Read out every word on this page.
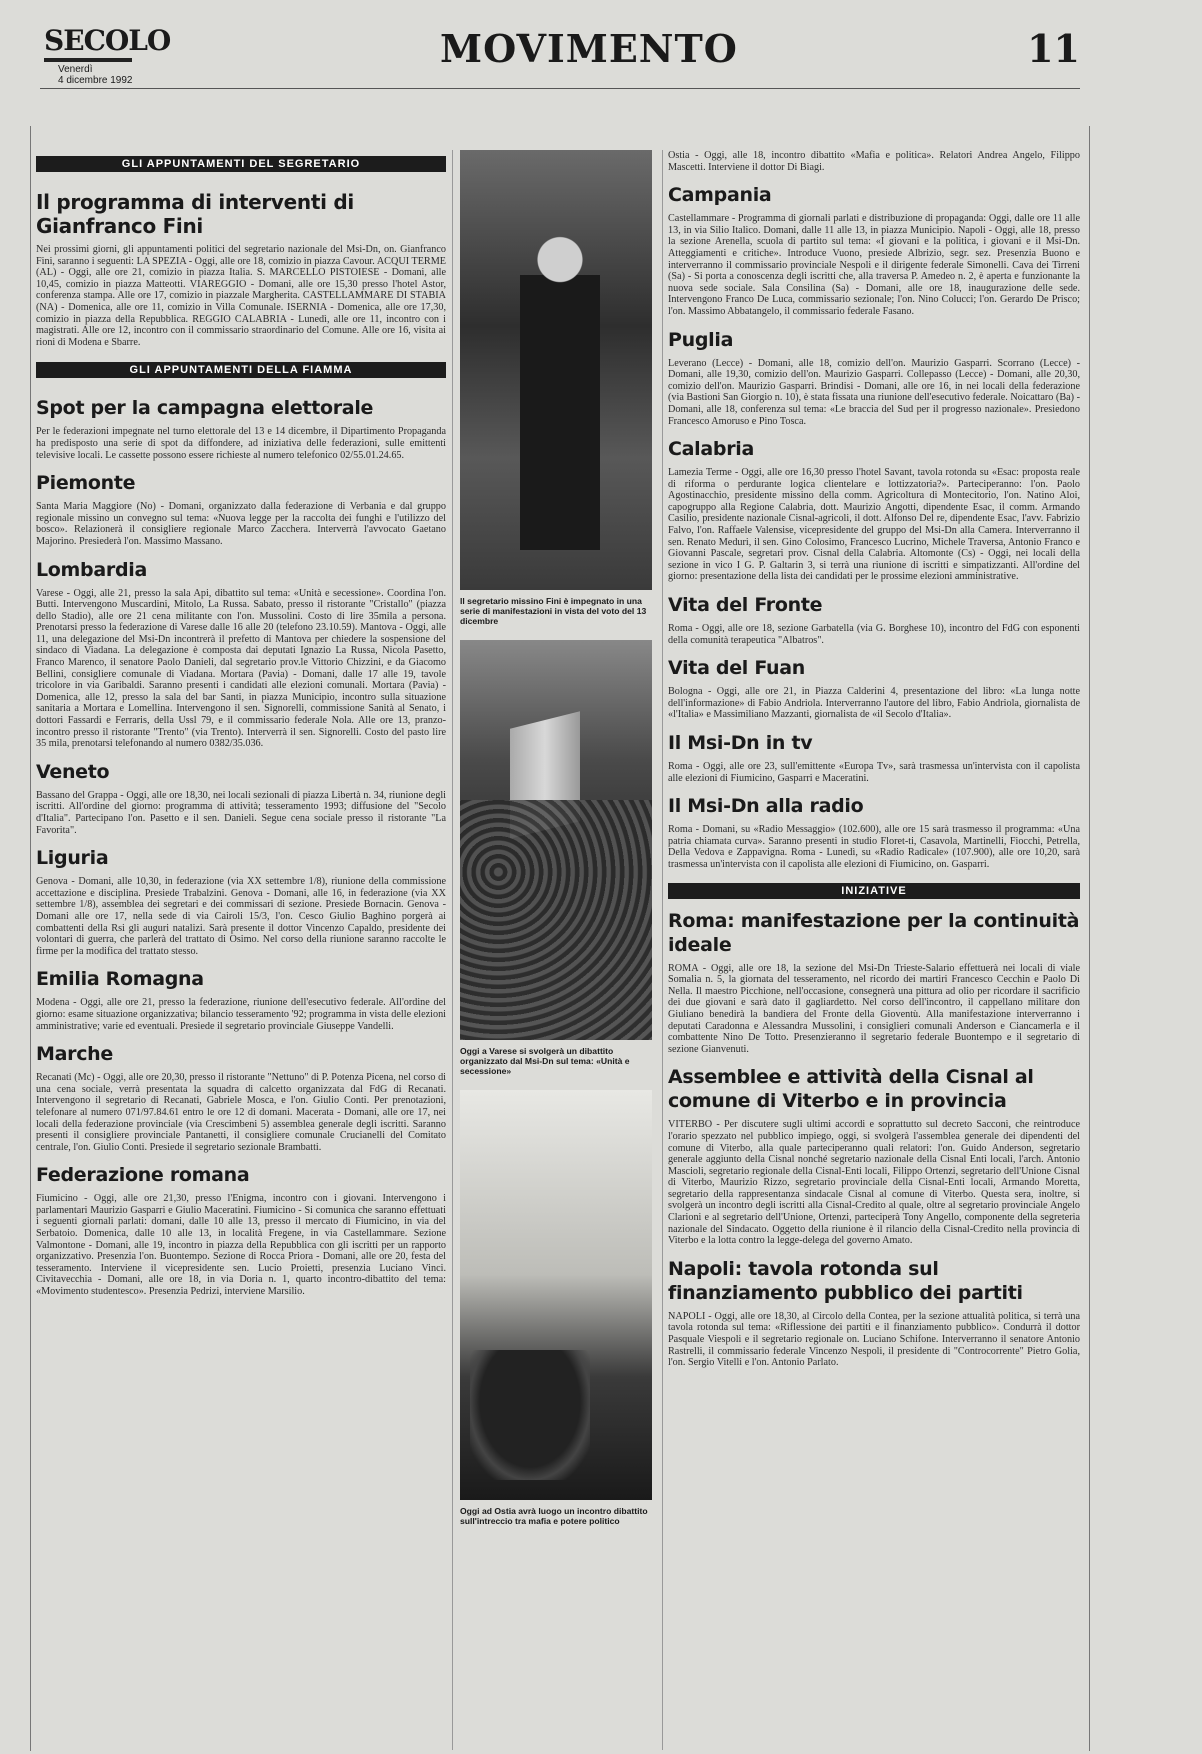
SECOLO
Venerdì
4 dicembre 1992
MOVIMENTO	11
GLI APPUNTAMENTI DEL SEGRETARIO
Il programma di interventi di Gianfranco Fini

Nei prossimi giorni, gli appuntamenti politici del segretario nazionale del Msi-Dn, on. Gianfranco Fini, saranno i seguenti: LA SPEZIA - Oggi, alle ore 18, comizio in piazza Cavour. ACQUI TERME (AL) - Oggi, alle ore 21, comizio in piazza Italia. S. MARCELLO PISTOIESE - Domani, alle 10,45, comizio in piazza Matteotti. VIAREGGIO - Domani, alle ore 15,30 presso l'hotel Astor, conferenza stampa. Alle ore 17, comizio in piazzale Margherita. CASTELLAMMARE DI STABIA (NA) - Domenica, alle ore 11, comizio in Villa Comunale. ISERNIA - Domenica, alle ore 17,30, comizio in piazza della Repubblica. REGGIO CALABRIA - Lunedì, alle ore 11, incontro con i magistrati. Alle ore 12, incontro con il commissario straordinario del Comune. Alle ore 16, visita ai rioni di Modena e Sbarre.

GLI APPUNTAMENTI DELLA FIAMMA
Spot per la campagna elettorale

Per le federazioni impegnate nel turno elettorale del 13 e 14 dicembre, il Dipartimento Propaganda ha predisposto una serie di spot da diffondere, ad iniziativa delle federazioni, sulle emittenti televisive locali. Le cassette possono essere richieste al numero telefonico 02/55.01.24.65.

Piemonte

Santa Maria Maggiore (No) - Domani, organizzato dalla federazione di Verbania e dal gruppo regionale missino un convegno sul tema: «Nuova legge per la raccolta dei funghi e l'utilizzo del bosco». Relazionerà il consigliere regionale Marco Zacchera. Interverrà l'avvocato Gaetano Majorino. Presiederà l'on. Massimo Massano.

Lombardia

Varese - Oggi, alle 21, presso la sala Api, dibattito sul tema: «Unità e secessione». Coordina l'on. Butti. Intervengono Muscardini, Mitolo, La Russa. Sabato, presso il ristorante "Cristallo" (piazza dello Stadio), alle ore 21 cena militante con l'on. Mussolini. Costo di lire 35mila a persona. Prenotarsi presso la federazione di Varese dalle 16 alle 20 (telefono 23.10.59). Mantova - Oggi, alle 11, una delegazione del Msi-Dn incontrerà il prefetto di Mantova per chiedere la sospensione del sindaco di Viadana. La delegazione è composta dai deputati Ignazio La Russa, Nicola Pasetto, Franco Marenco, il senatore Paolo Danieli, dal segretario prov.le Vittorio Chizzini, e da Giacomo Bellini, consigliere comunale di Viadana. Mortara (Pavia) - Domani, dalle 17 alle 19, tavole tricolore in via Garibaldi. Saranno presenti i candidati alle elezioni comunali. Mortara (Pavia) - Domenica, alle 12, presso la sala del bar Santi, in piazza Municipio, incontro sulla situazione sanitaria a Mortara e Lomellina. Intervengono il sen. Signorelli, commissione Sanità al Senato, i dottori Fassardi e Ferraris, della Ussl 79, e il commissario federale Nola. Alle ore 13, pranzo-incontro presso il ristorante "Trento" (via Trento). Interverrà il sen. Signorelli. Costo del pasto lire 35 mila, prenotarsi telefonando al numero 0382/35.036.

Veneto

Bassano del Grappa - Oggi, alle ore 18,30, nei locali sezionali di piazza Libertà n. 34, riunione degli iscritti. All'ordine del giorno: programma di attività; tesseramento 1993; diffusione del "Secolo d'Italia". Partecipano l'on. Pasetto e il sen. Danieli. Segue cena sociale presso il ristorante "La Favorita".

Liguria

Genova - Domani, alle 10,30, in federazione (via XX settembre 1/8), riunione della commissione accettazione e disciplina. Presiede Trabalzini. Genova - Domani, alle 16, in federazione (via XX settembre 1/8), assemblea dei segretari e dei commissari di sezione. Presiede Bornacin. Genova - Domani alle ore 17, nella sede di via Cairoli 15/3, l'on. Cesco Giulio Baghino porgerà ai combattenti della Rsi gli auguri natalizi. Sarà presente il dottor Vincenzo Capaldo, presidente dei volontari di guerra, che parlerà del trattato di Osimo. Nel corso della riunione saranno raccolte le firme per la modifica del trattato stesso.

Emilia Romagna

Modena - Oggi, alle ore 21, presso la federazione, riunione dell'esecutivo federale. All'ordine del giorno: esame situazione organizzativa; bilancio tesseramento '92; programma in vista delle elezioni amministrative; varie ed eventuali. Presiede il segretario provinciale Giuseppe Vandelli.

Marche

Recanati (Mc) - Oggi, alle ore 20,30, presso il ristorante "Nettuno" di P. Potenza Picena, nel corso di una cena sociale, verrà presentata la squadra di calcetto organizzata dal FdG di Recanati. Intervengono il segretario di Recanati, Gabriele Mosca, e l'on. Giulio Conti. Per prenotazioni, telefonare al numero 071/97.84.61 entro le ore 12 di domani. Macerata - Domani, alle ore 17, nei locali della federazione provinciale (via Crescimbeni 5) assemblea generale degli iscritti. Saranno presenti il consigliere provinciale Pantanetti, il consigliere comunale Crucianelli del Comitato centrale, l'on. Giulio Conti. Presiede il segretario sezionale Brambatti.

Federazione romana

Fiumicino - Oggi, alle ore 21,30, presso l'Enigma, incontro con i giovani. Intervengono i parlamentari Maurizio Gasparri e Giulio Maceratini. Fiumicino - Si comunica che saranno effettuati i seguenti giornali parlati: domani, dalle 10 alle 13, presso il mercato di Fiumicino, in via del Serbatoio. Domenica, dalle 10 alle 13, in località Fregene, in via Castellammare. Sezione Valmontone - Domani, alle 19, incontro in piazza della Repubblica con gli iscritti per un rapporto organizzativo. Presenzia l'on. Buontempo. Sezione di Rocca Priora - Domani, alle ore 20, festa del tesseramento. Interviene il vicepresidente sen. Lucio Proietti, presenzia Luciano Vinci. Civitavecchia - Domani, alle ore 18, in via Doria n. 1, quarto incontro-dibattito del tema: «Movimento studentesco». Presenzia Pedrizi, interviene Marsilio.

Il segretario missino Fini è impegnato in una serie di manifestazioni in vista del voto del 13 dicembre
Oggi a Varese si svolgerà un dibattito organizzato dal Msi-Dn sul tema: «Unità e secessione»
Oggi ad Ostia avrà luogo un incontro dibattito sull'intreccio tra mafia e potere politico

Ostia - Oggi, alle 18, incontro dibattito «Mafia e politica». Relatori Andrea Angelo, Filippo Mascetti. Interviene il dottor Di Biagi.

Campania

Castellammare - Programma di giornali parlati e distribuzione di propaganda: Oggi, dalle ore 11 alle 13, in via Silio Italico. Domani, dalle 11 alle 13, in piazza Municipio. Napoli - Oggi, alle 18, presso la sezione Arenella, scuola di partito sul tema: «I giovani e la politica, i giovani e il Msi-Dn. Atteggiamenti e critiche». Introduce Vuono, presiede Albrizio, segr. sez. Presenzia Buono e interverranno il commissario provinciale Nespoli e il dirigente federale Simonelli. Cava dei Tirreni (Sa) - Si porta a conoscenza degli iscritti che, alla traversa P. Amedeo n. 2, è aperta e funzionante la nuova sede sociale. Sala Consilina (Sa) - Domani, alle ore 18, inaugurazione delle sede. Intervengono Franco De Luca, commissario sezionale; l'on. Nino Colucci; l'on. Gerardo De Prisco; l'on. Massimo Abbatangelo, il commissario federale Fasano.

Puglia

Leverano (Lecce) - Domani, alle 18, comizio dell'on. Maurizio Gasparri. Scorrano (Lecce) - Domani, alle 19,30, comizio dell'on. Maurizio Gasparri. Collepasso (Lecce) - Domani, alle 20,30, comizio dell'on. Maurizio Gasparri. Brindisi - Domani, alle ore 16, in nei locali della federazione (via Bastioni San Giorgio n. 10), è stata fissata una riunione dell'esecutivo federale. Noicattaro (Ba) - Domani, alle 18, conferenza sul tema: «Le braccia del Sud per il progresso nazionale». Presiedono Francesco Amoruso e Pino Tosca.

Calabria

Lamezia Terme - Oggi, alle ore 16,30 presso l'hotel Savant, tavola rotonda su «Esac: proposta reale di riforma o perdurante logica clientelare e lottizzatoria?». Parteciperanno: l'on. Paolo Agostinacchio, presidente missino della comm. Agricoltura di Montecitorio, l'on. Natino Aloi, capogruppo alla Regione Calabria, dott. Maurizio Angotti, dipendente Esac, il comm. Armando Casilio, presidente nazionale Cisnal-agricoli, il dott. Alfonso Del re, dipendente Esac, l'avv. Fabrizio Falvo, l'on. Raffaele Valensise, vicepresidente del gruppo del Msi-Dn alla Camera. Interverranno il sen. Renato Meduri, il sen. Gino Colosimo, Francesco Lucrino, Michele Traversa, Antonio Franco e Giovanni Pascale, segretari prov. Cisnal della Calabria. Altomonte (Cs) - Oggi, nei locali della sezione in vico I G. P. Galtarin 3, si terrà una riunione di iscritti e simpatizzanti. All'ordine del giorno: presentazione della lista dei candidati per le prossime elezioni amministrative.

Vita del Fronte

Roma - Oggi, alle ore 18, sezione Garbatella (via G. Borghese 10), incontro del FdG con esponenti della comunità terapeutica "Albatros".

Vita del Fuan

Bologna - Oggi, alle ore 21, in Piazza Calderini 4, presentazione del libro: «La lunga notte dell'informazione» di Fabio Andriola. Interverranno l'autore del libro, Fabio Andriola, giornalista de «l'Italia» e Massimiliano Mazzanti, giornalista de «il Secolo d'Italia».

Il Msi-Dn in tv

Roma - Oggi, alle ore 23, sull'emittente «Europa Tv», sarà trasmessa un'intervista con il capolista alle elezioni di Fiumicino, Gasparri e Maceratini.

Il Msi-Dn alla radio

Roma - Domani, su «Radio Messaggio» (102.600), alle ore 15 sarà trasmesso il programma: «Una patria chiamata curva». Saranno presenti in studio Floret-ti, Casavola, Martinelli, Fiocchi, Petrella, Della Vedova e Zappavigna. Roma - Lunedì, su «Radio Radicale» (107.900), alle ore 10,20, sarà trasmessa un'intervista con il capolista alle elezioni di Fiumicino, on. Gasparri.

INIZIATIVE
Roma: manifestazione per la continuità ideale

ROMA - Oggi, alle ore 18, la sezione del Msi-Dn Trieste-Salario effettuerà nei locali di viale Somalia n. 5, la giornata del tesseramento, nel ricordo dei martiri Francesco Cecchin e Paolo Di Nella. Il maestro Picchione, nell'occasione, consegnerà una pittura ad olio per ricordare il sacrificio dei due giovani e sarà dato il gagliardetto. Nel corso dell'incontro, il cappellano militare don Giuliano benedirà la bandiera del Fronte della Gioventù. Alla manifestazione interverranno i deputati Caradonna e Alessandra Mussolini, i consiglieri comunali Anderson e Ciancamerla e il combattente Nino De Totto. Presenzieranno il segretario federale Buontempo e il segretario di sezione Gianvenuti.

Assemblee e attività della Cisnal al comune di Viterbo e in provincia

VITERBO - Per discutere sugli ultimi accordi e soprattutto sul decreto Sacconi, che reintroduce l'orario spezzato nel pubblico impiego, oggi, si svolgerà l'assemblea generale dei dipendenti del comune di Viterbo, alla quale parteciperanno quali relatori: l'on. Guido Anderson, segretario generale aggiunto della Cisnal nonché segretario nazionale della Cisnal Enti locali, l'arch. Antonio Mascioli, segretario regionale della Cisnal-Enti locali, Filippo Ortenzi, segretario dell'Unione Cisnal di Viterbo, Maurizio Rizzo, segretario provinciale della Cisnal-Enti locali, Armando Moretta, segretario della rappresentanza sindacale Cisnal al comune di Viterbo. Questa sera, inoltre, si svolgerà un incontro degli iscritti alla Cisnal-Credito al quale, oltre al segretario provinciale Angelo Clarioni e al segretario dell'Unione, Ortenzi, parteciperà Tony Angello, componente della segreteria nazionale del Sindacato. Oggetto della riunione è il rilancio della Cisnal-Credito nella provincia di Viterbo e la lotta contro la legge-delega del governo Amato.

Napoli: tavola rotonda sul finanziamento pubblico dei partiti

NAPOLI - Oggi, alle ore 18,30, al Circolo della Contea, per la sezione attualità politica, si terrà una tavola rotonda sul tema: «Riflessione dei partiti e il finanziamento pubblico». Condurrà il dottor Pasquale Viespoli e il segretario regionale on. Luciano Schifone. Interverranno il senatore Antonio Rastrelli, il commissario federale Vincenzo Nespoli, il presidente di "Controcorrente" Pietro Golia, l'on. Sergio Vitelli e l'on. Antonio Parlato.
